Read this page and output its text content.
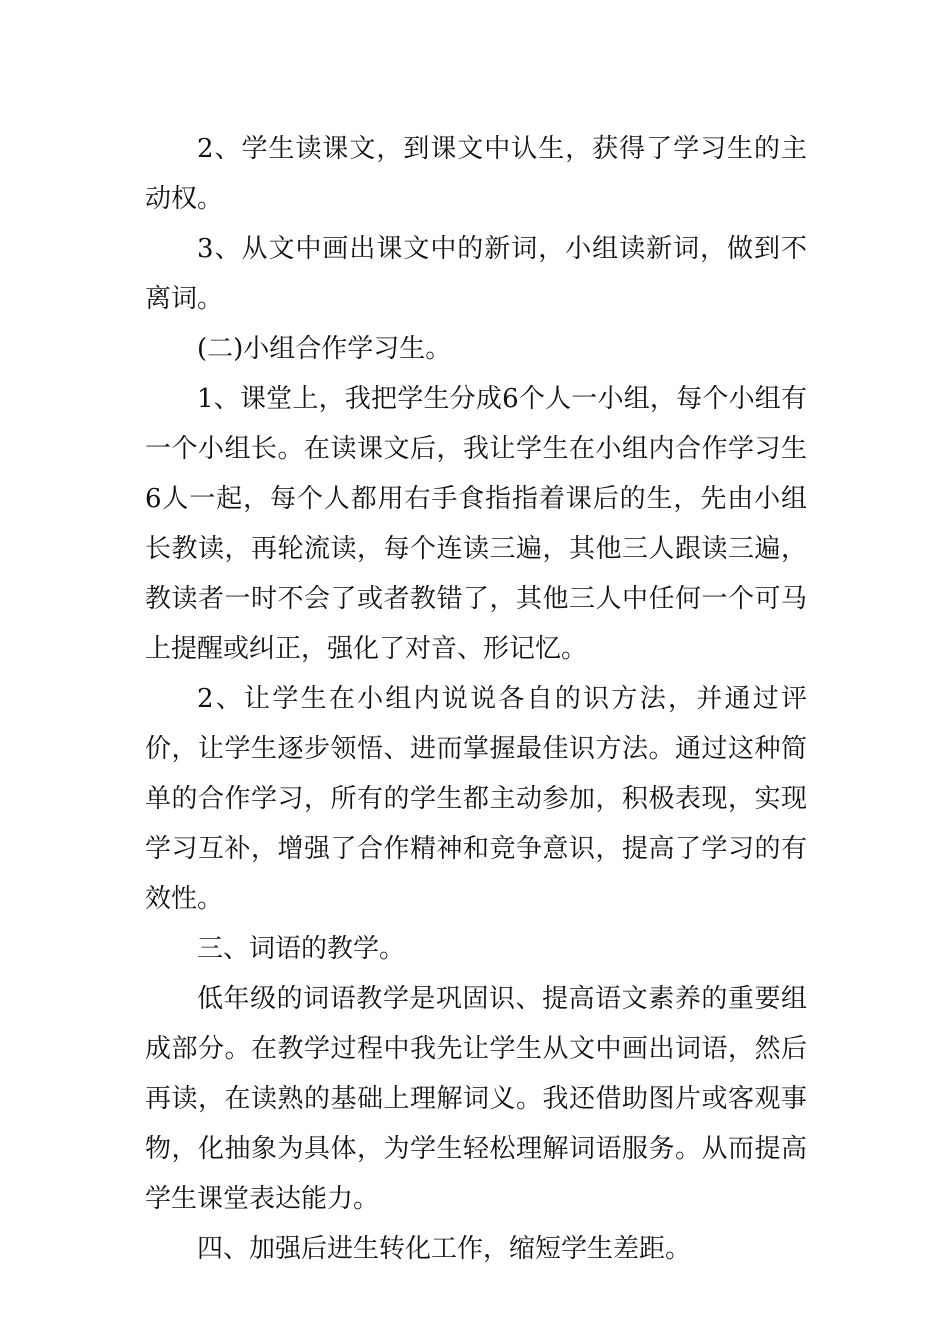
2、学生读课文，到课文中认生，获得了学习生的主动权。

3、从文中画出课文中的新词，小组读新词，做到不离词。

(二)小组合作学习生。

1、课堂上，我把学生分成6个人一小组，每个小组有一个小组长。在读课文后，我让学生在小组内合作学习生6人一起，每个人都用右手食指指着课后的生，先由小组长教读，再轮流读，每个连读三遍，其他三人跟读三遍，教读者一时不会了或者教错了，其他三人中任何一个可马上提醒或纠正，强化了对音、形记忆。

2、让学生在小组内说说各自的识方法，并通过评价，让学生逐步领悟、进而掌握最佳识方法。通过这种简单的合作学习，所有的学生都主动参加，积极表现，实现学习互补，增强了合作精神和竞争意识，提高了学习的有效性。

三、词语的教学。

低年级的词语教学是巩固识、提高语文素养的重要组成部分。在教学过程中我先让学生从文中画出词语，然后再读，在读熟的基础上理解词义。我还借助图片或客观事物，化抽象为具体，为学生轻松理解词语服务。从而提高学生课堂表达能力。

四、加强后进生转化工作，缩短学生差距。
